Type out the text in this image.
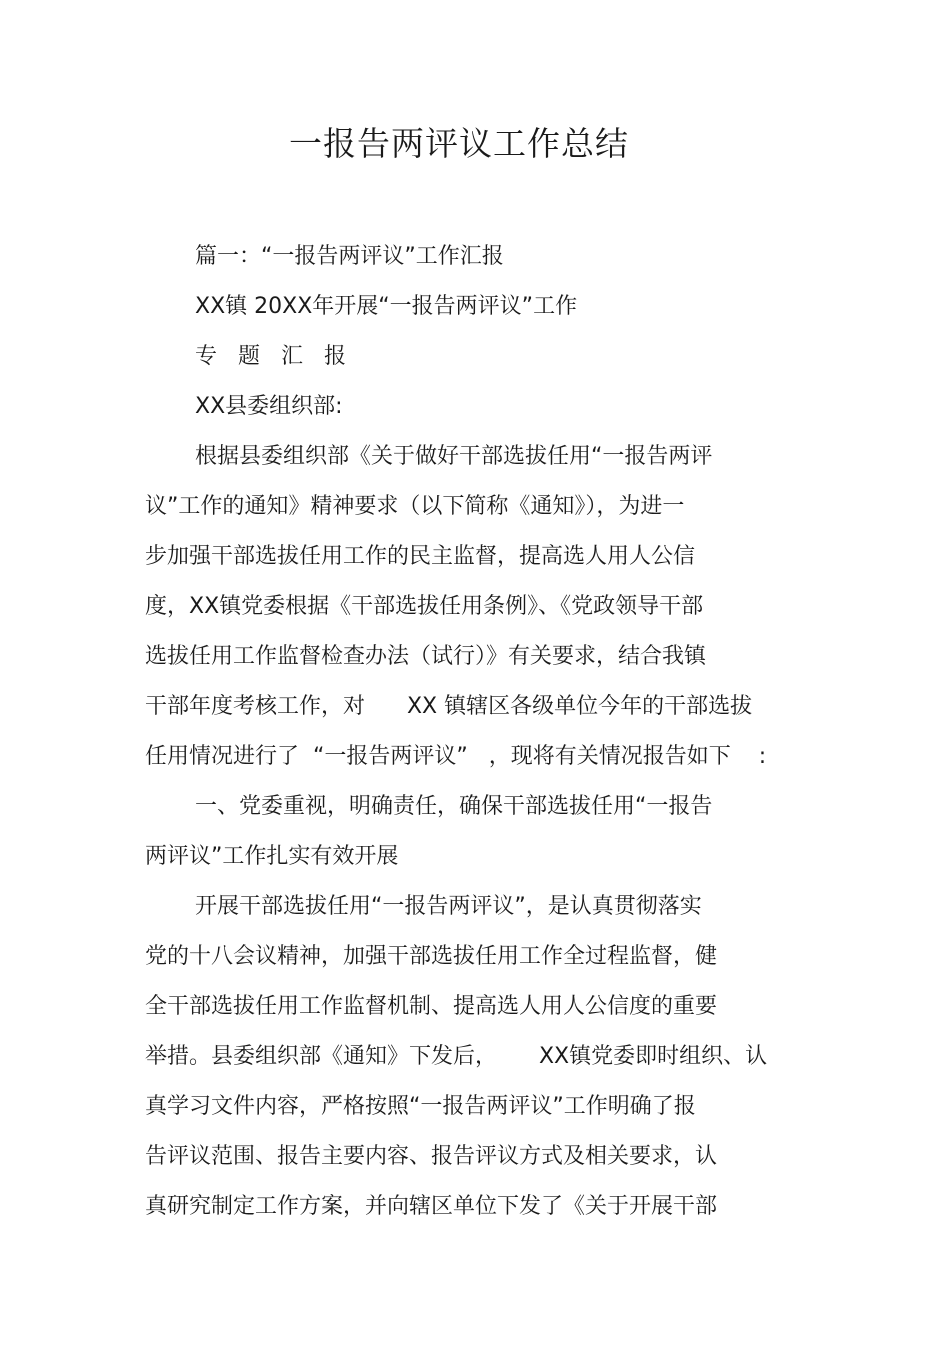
一报告两评议工作总结
篇一：“一报告两评议”工作汇报
XX镇 20XX年开展“一报告两评议”工作
专 题 汇 报
XX县委组织部:
根据县委组织部《关于做好干部选拔任用“一报告两评
议”工作的通知》精神要求（以下简称《通知》），为进一
步加强干部选拔任用工作的民主监督，提高选人用人公信
度，XX镇党委根据《干部选拔任用条例》、《党政领导干部
选拔任用工作监督检查办法（试行）》有关要求，结合我镇
干部年度考核工作，对      XX 镇辖区各级单位今年的干部选拔
任用情况进行了  “一报告两评议”   ，现将有关情况报告如下    :
一、党委重视，明确责任，确保干部选拔任用“一报告
两评议”工作扎实有效开展
开展干部选拔任用“一报告两评议”，是认真贯彻落实
党的十八会议精神，加强干部选拔任用工作全过程监督，健
全干部选拔任用工作监督机制、提高选人用人公信度的重要
举措。县委组织部《通知》下发后，      XX镇党委即时组织、认
真学习文件内容，严格按照“一报告两评议”工作明确了报
告评议范围、报告主要内容、报告评议方式及相关要求，认
真研究制定工作方案，并向辖区单位下发了《关于开展干部
